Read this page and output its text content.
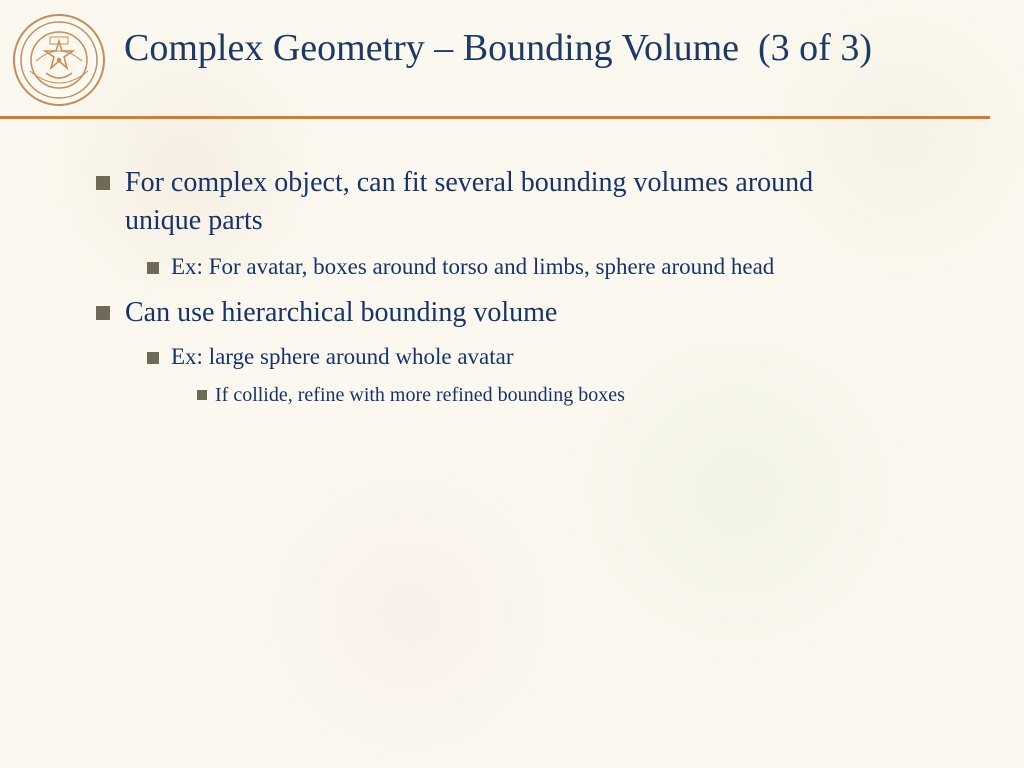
Complex Geometry – Bounding Volume  (3 of 3)
For complex object, can fit several bounding volumes around unique parts
Ex: For avatar, boxes around torso and limbs, sphere around head
Can use hierarchical bounding volume
Ex: large sphere around whole avatar
If collide, refine with more refined bounding boxes
